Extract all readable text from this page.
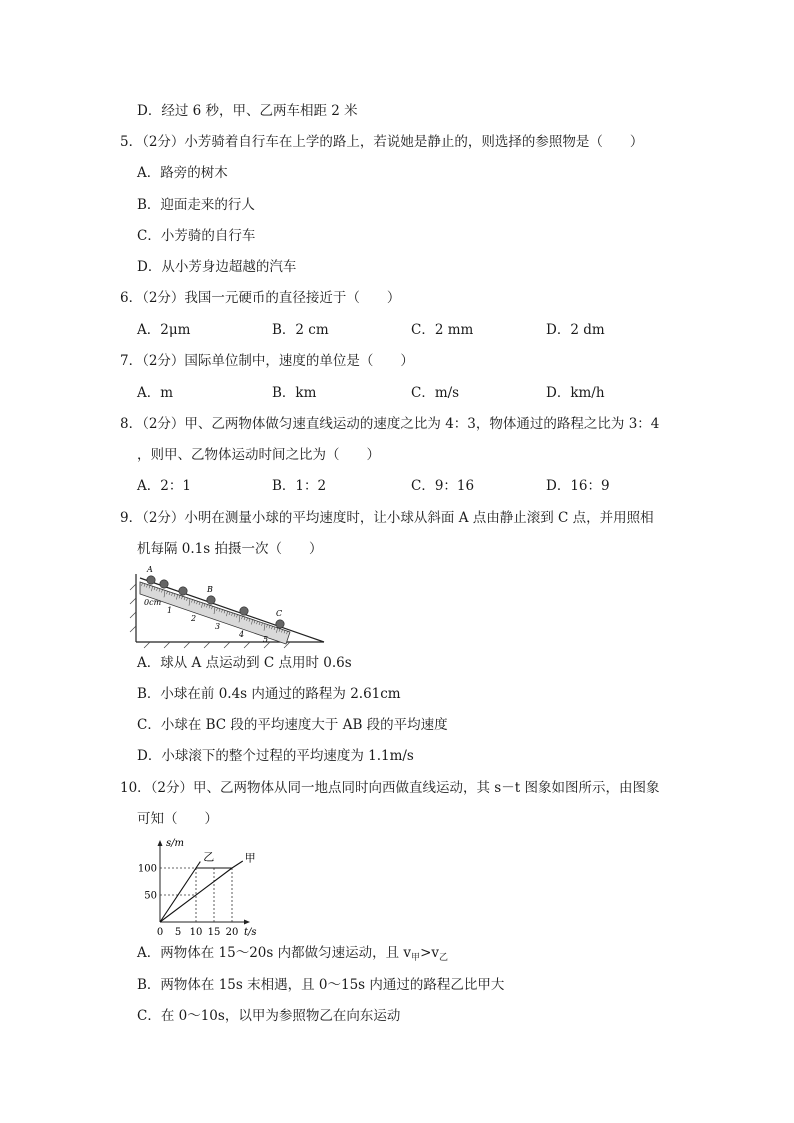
D．经过 6 秒，甲、乙两车相距 2 米
5．（2分）小芳骑着自行车在上学的路上，若说她是静止的，则选择的参照物是（　　）
A．路旁的树木
B．迎面走来的行人
C．小芳骑的自行车
D．从小芳身边超越的汽车
6．（2分）我国一元硬币的直径接近于（　　）
A．2μm	B．2 cm	C．2 mm	D．2 dm
7．（2分）国际单位制中，速度的单位是（　　）
A．m	B．km	C．m/s	D．km/h
8．（2分）甲、乙两物体做匀速直线运动的速度之比为 4：3，物体通过的路程之比为 3：4
，则甲、乙物体运动时间之比为（　　）
A．2：1	B．1：2	C．9：16	D．16：9
9．（2分）小明在测量小球的平均速度时，让小球从斜面 A 点由静止滚到 C 点，并用照相
机每隔 0.1s 拍摄一次（　　）
0cm
1
2
3
4
5
A
B
C
A．球从 A 点运动到 C 点用时 0.6s
B．小球在前 0.4s 内通过的路程为 2.61cm
C．小球在 BC 段的平均速度大于 AB 段的平均速度
D．小球滚下的整个过程的平均速度为 1.1m/s
10．（2分）甲、乙两物体从同一地点同时向西做直线运动，其 s－t 图象如图所示，由图象
可知（　　）
s/m
t/s
50
100
0 5 10 15 20
乙	甲
A．两物体在 15～20s 内都做匀速运动，且 $v_甲>v_乙$
B．两物体在 15s 末相遇，且 0～15s 内通过的路程乙比甲大
C．在 0～10s，以甲为参照物乙在向东运动
